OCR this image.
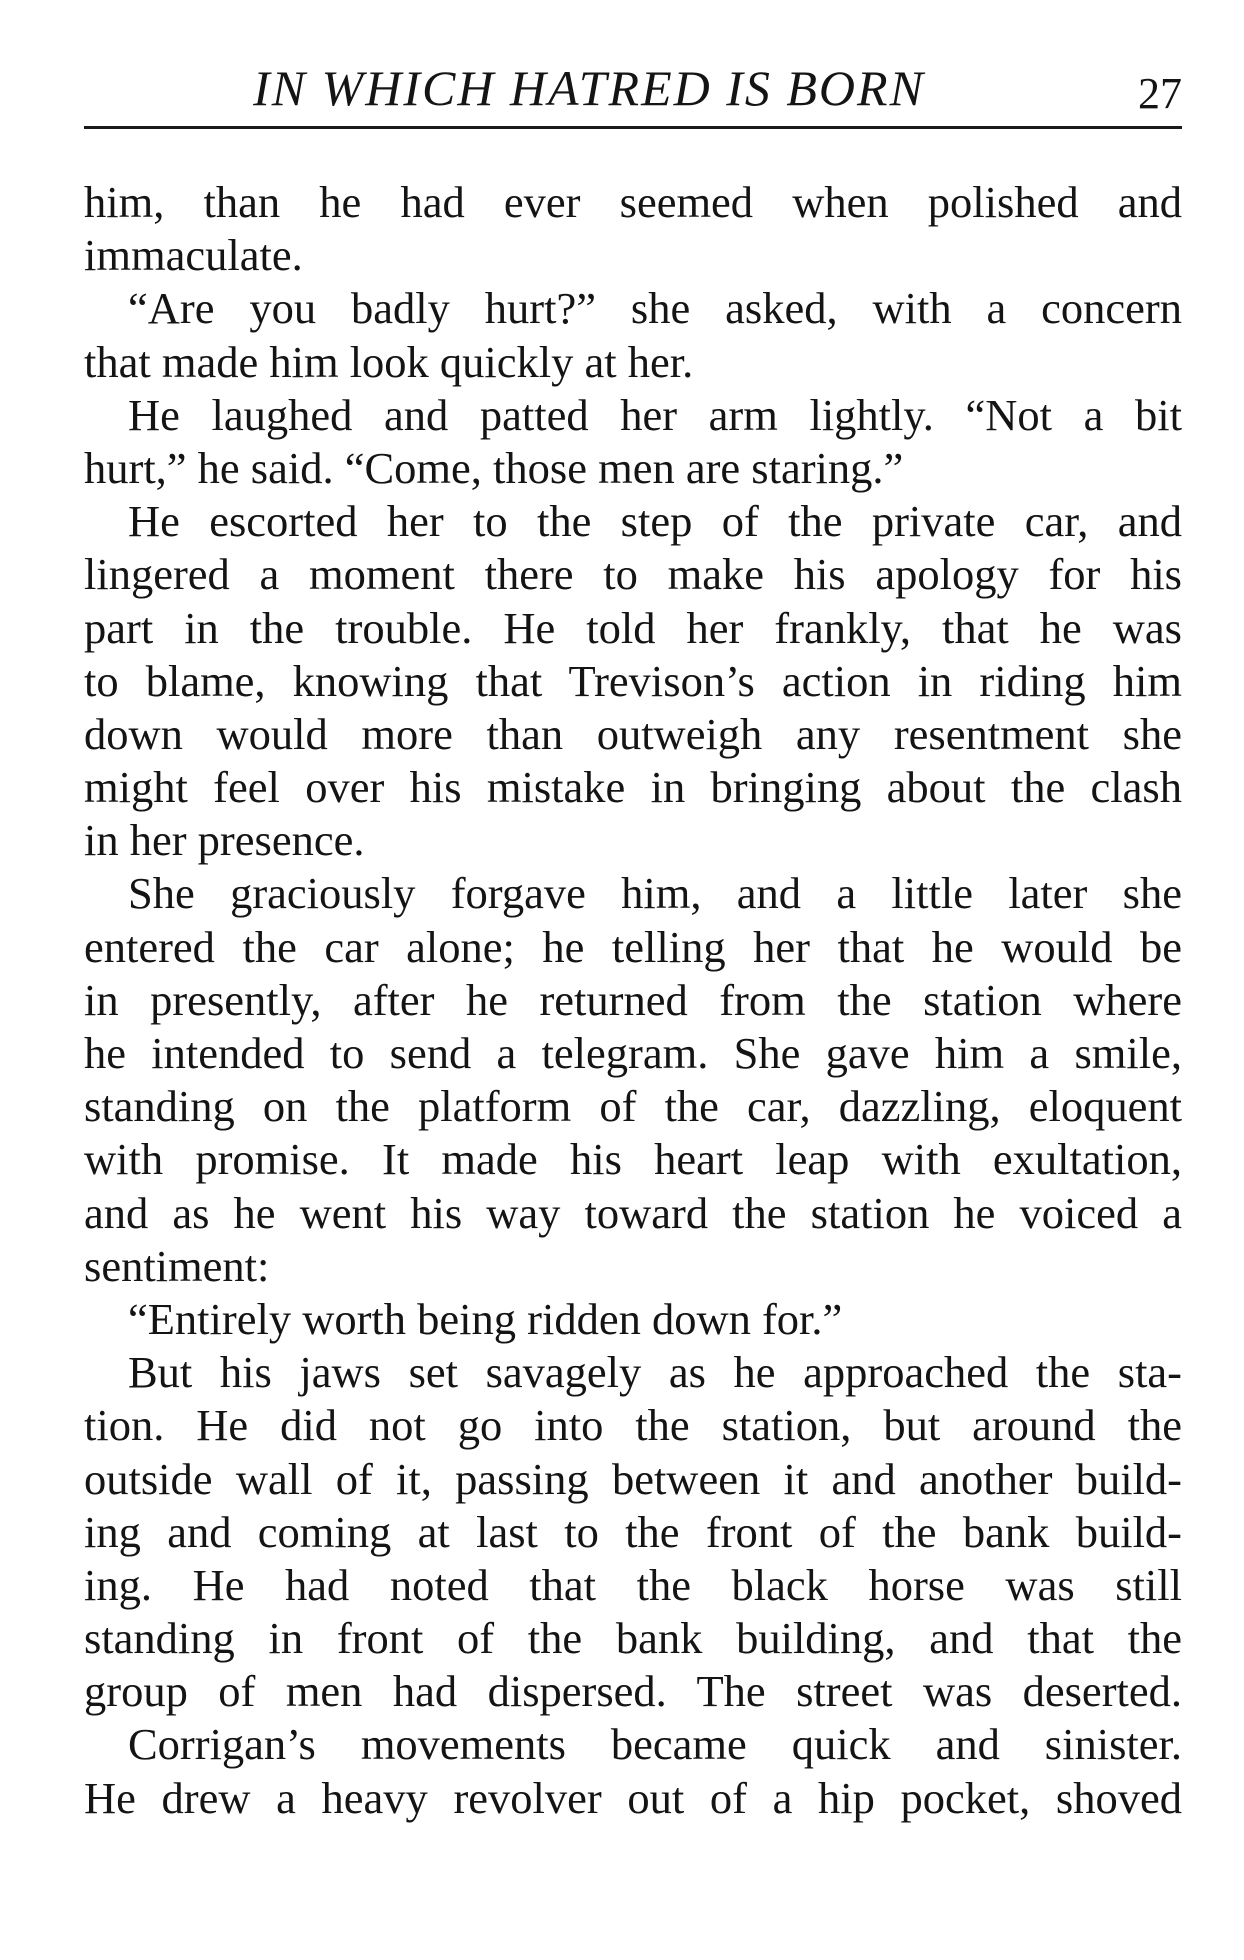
IN WHICH HATRED IS BORN	27
him, than he had ever seemed when polished and
immaculate.
“Are you badly hurt?” she asked, with a concern
that made him look quickly at her.
He laughed and patted her arm lightly. “Not a bit
hurt,” he said. “Come, those men are staring.”
He escorted her to the step of the private car, and
lingered a moment there to make his apology for his
part in the trouble. He told her frankly, that he was
to blame, knowing that Trevison’s action in riding him
down would more than outweigh any resentment she
might feel over his mistake in bringing about the clash
in her presence.
She graciously forgave him, and a little later she
entered the car alone; he telling her that he would be
in presently, after he returned from the station where
he intended to send a telegram. She gave him a smile,
standing on the platform of the car, dazzling, eloquent
with promise. It made his heart leap with exultation,
and as he went his way toward the station he voiced a
sentiment:
“Entirely worth being ridden down for.”
But his jaws set savagely as he approached the sta-
tion. He did not go into the station, but around the
outside wall of it, passing between it and another build-
ing and coming at last to the front of the bank build-
ing. He had noted that the black horse was still
standing in front of the bank building, and that the
group of men had dispersed. The street was deserted.
Corrigan’s movements became quick and sinister.
He drew a heavy revolver out of a hip pocket, shoved
